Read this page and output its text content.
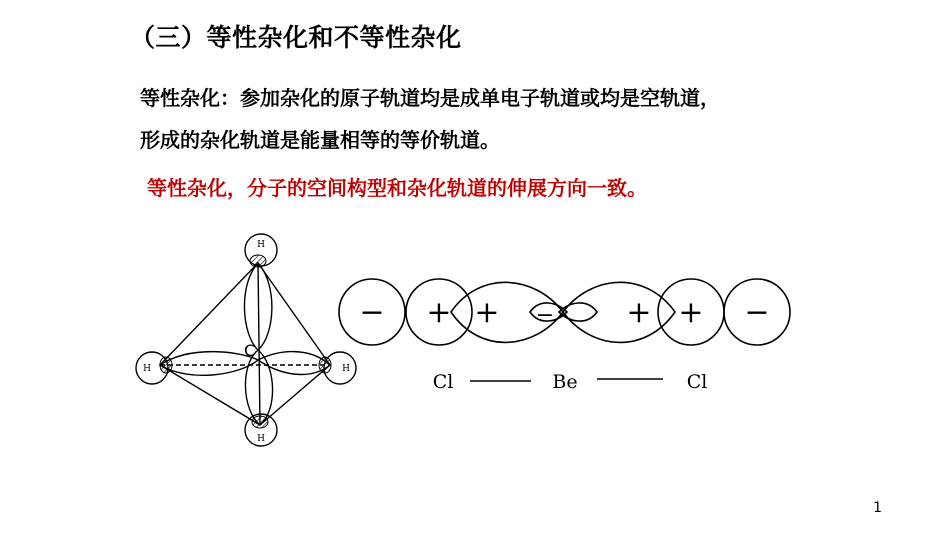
（三）等性杂化和不等性杂化
等性杂化：参加杂化的原子轨道均是成单电子轨道或均是空轨道，
形成的杂化轨道是能量相等的等价轨道。
等性杂化，分子的空间构型和杂化轨道的伸展方向一致。
H
H	H
H
C
− + + − + + −
Cl	Be	Cl
1
